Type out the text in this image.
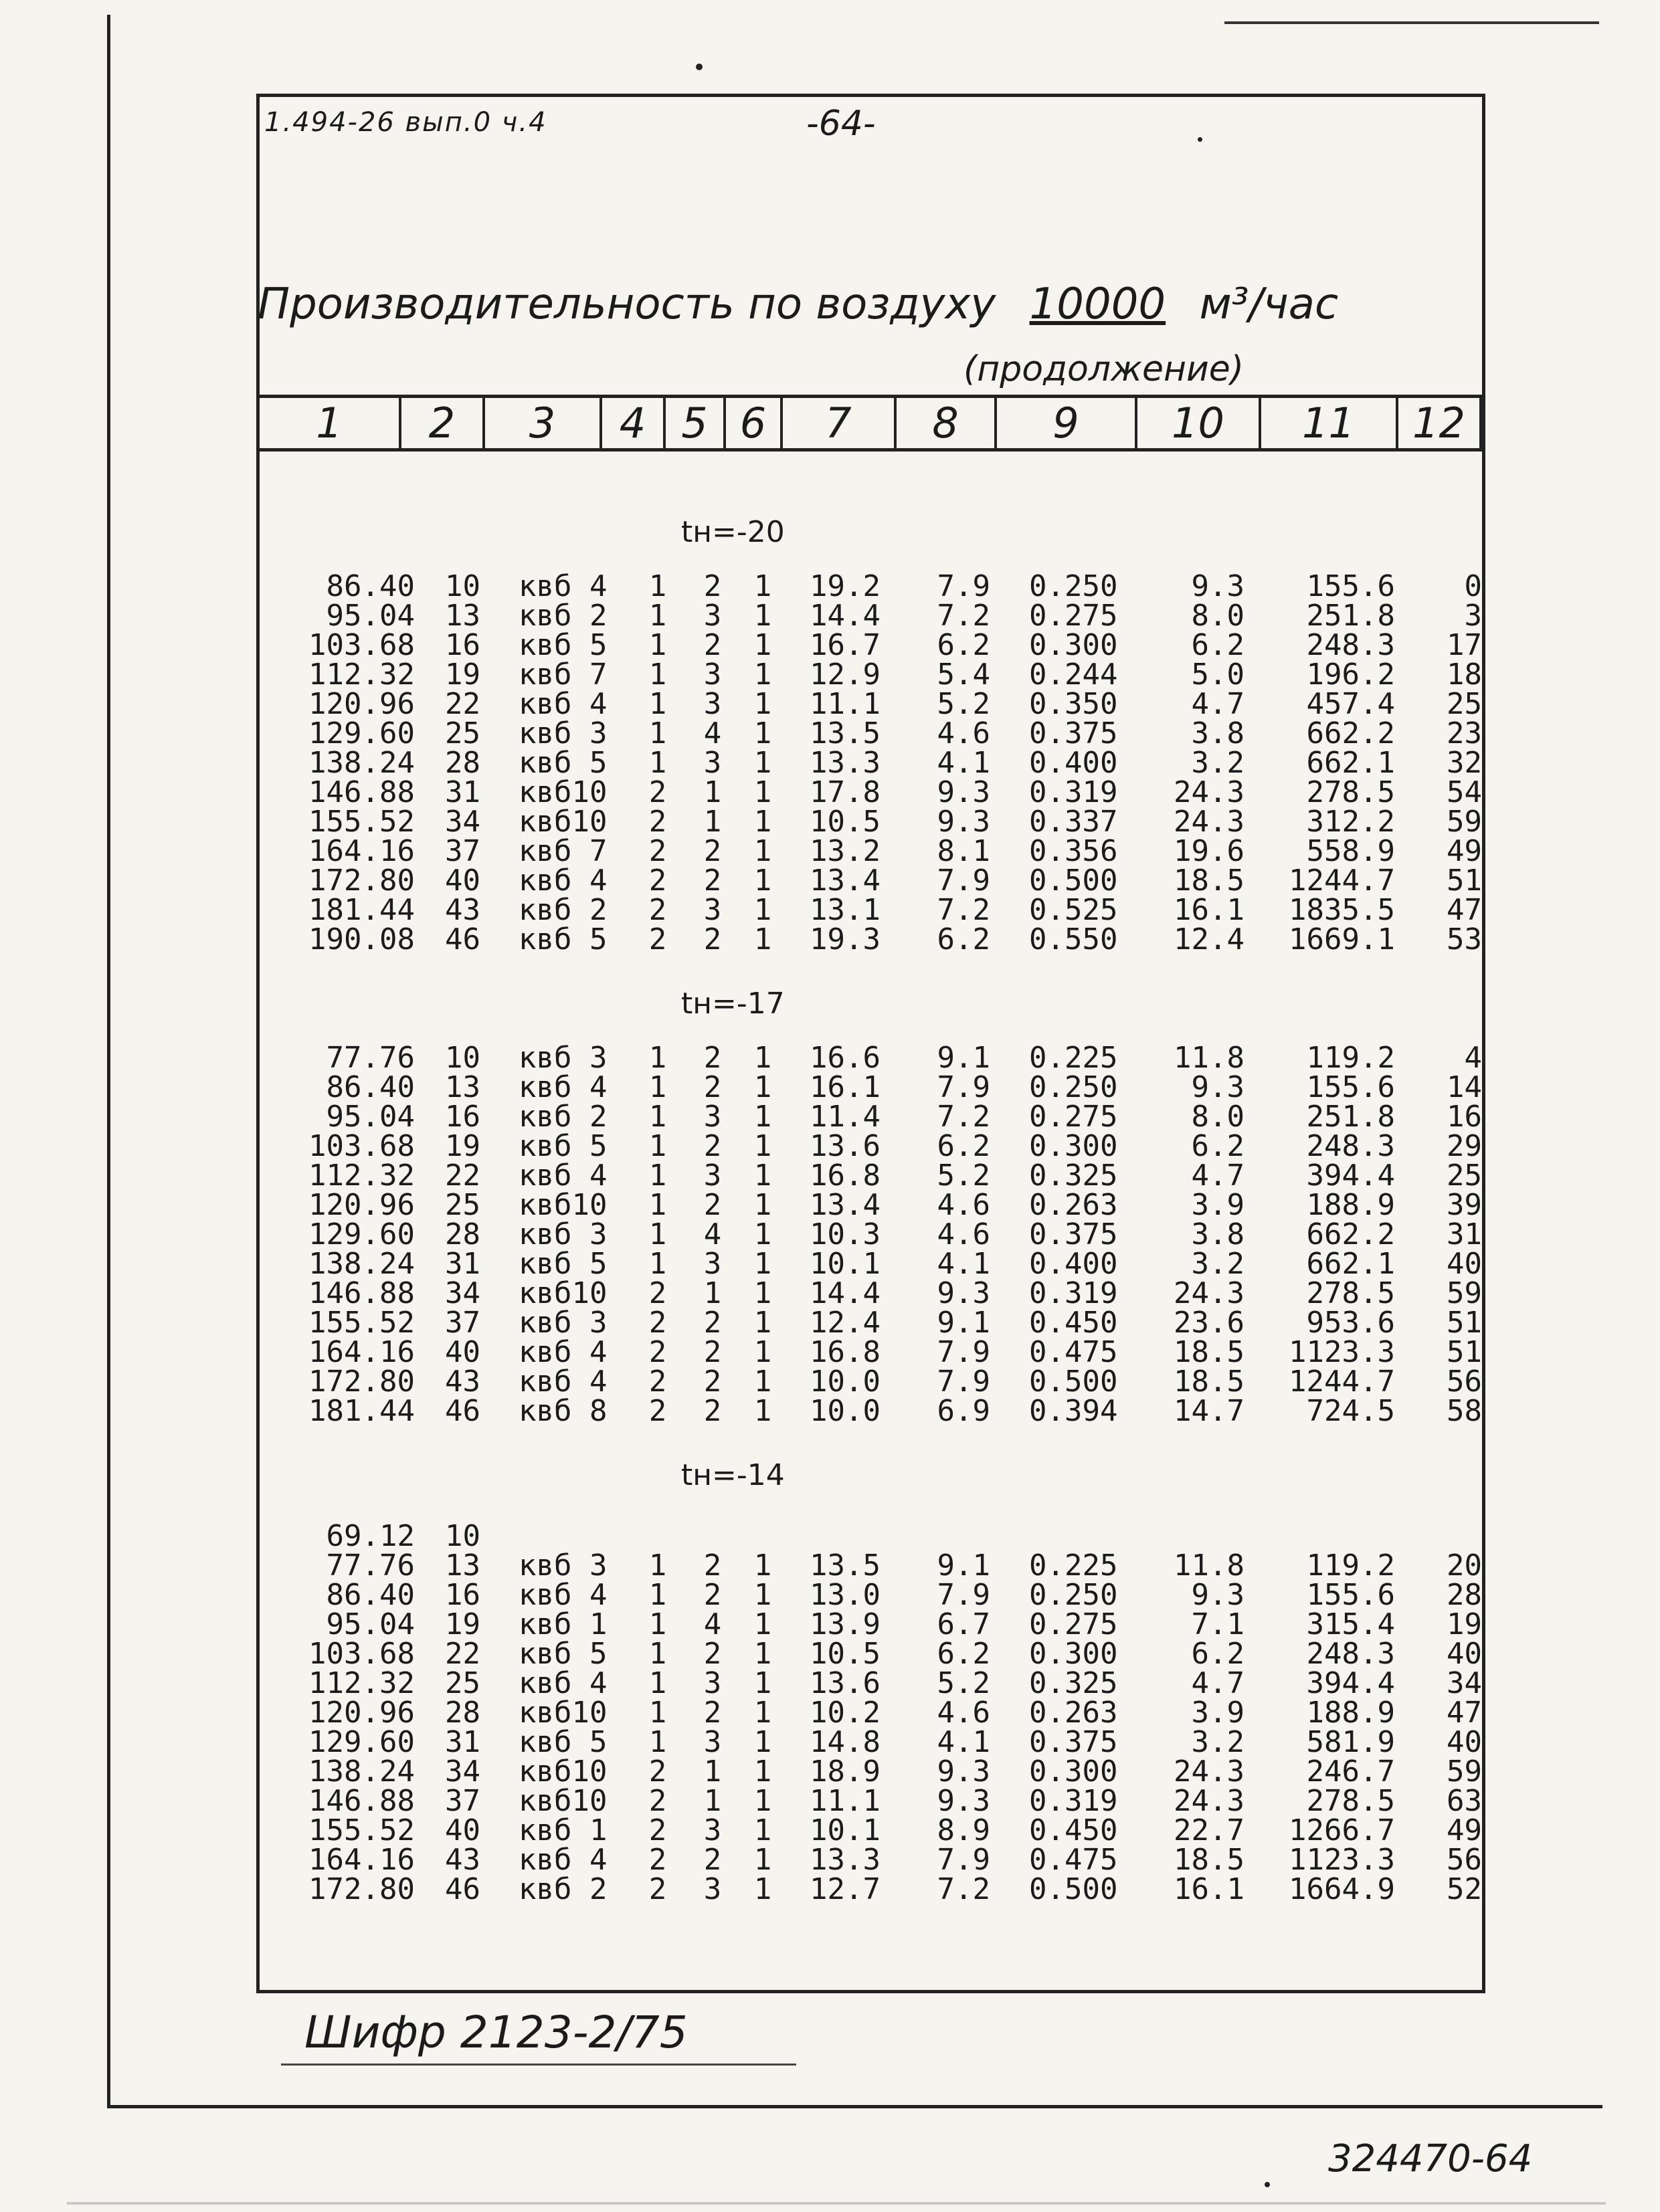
1.494-26 вып.0 ч.4	-64-
Производительность по воздуху 10000 м³/час
(продолжение)
1	2	3	4 5 6	7	8	9	10	11	12
tн=-20
86.40 10	квб 4 1 2 1 19.2	7.9 0.250	9.3	155.6	0
95.04 13	квб 2 1 3 1 14.4	7.2 0.275	8.0	251.8	3
103.68 16	квб 5 1 2 1 16.7	6.2 0.300	6.2	248.3 17
112.32 19	квб 7 1 3 1 12.9	5.4 0.244	5.0	196.2 18
120.96 22	квб 4 1 3 1 11.1	5.2 0.350	4.7	457.4 25
129.60 25	квб 3 1 4 1 13.5	4.6 0.375	3.8	662.2 23
138.24 28	квб 5 1 3 1 13.3	4.1 0.400	3.2	662.1 32
146.88 31	квб10 2 1 1 17.8	9.3 0.319	24.3	278.5 54
155.52 34	квб10 2 1 1 10.5	9.3 0.337	24.3	312.2 59
164.16 37	квб 7 2 2 1 13.2	8.1 0.356	19.6	558.9 49
172.80 40	квб 4 2 2 1 13.4	7.9 0.500	18.5	1244.7 51
181.44 43	квб 2 2 3 1 13.1	7.2 0.525	16.1	1835.5 47
190.08 46	квб 5 2 2 1 19.3	6.2 0.550	12.4	1669.1 53
tн=-17
77.76 10	квб 3 1 2 1 16.6	9.1 0.225	11.8	119.2	4
86.40 13	квб 4 1 2 1 16.1	7.9 0.250	9.3	155.6 14
95.04 16	квб 2 1 3 1 11.4	7.2 0.275	8.0	251.8 16
103.68 19	квб 5 1 2 1 13.6	6.2 0.300	6.2	248.3 29
112.32 22	квб 4 1 3 1 16.8	5.2 0.325	4.7	394.4 25
120.96 25	квб10 1 2 1 13.4	4.6 0.263	3.9	188.9 39
129.60 28	квб 3 1 4 1 10.3	4.6 0.375	3.8	662.2 31
138.24 31	квб 5 1 3 1 10.1	4.1 0.400	3.2	662.1 40
146.88 34	квб10 2 1 1 14.4	9.3 0.319	24.3	278.5 59
155.52 37	квб 3 2 2 1 12.4	9.1 0.450	23.6	953.6 51
164.16 40	квб 4 2 2 1 16.8	7.9 0.475	18.5	1123.3 51
172.80 43	квб 4 2 2 1 10.0	7.9 0.500	18.5	1244.7 56
181.44 46	квб 8 2 2 1 10.0	6.9 0.394	14.7	724.5 58
tн=-14
69.12 10
77.76 13	квб 3 1 2 1 13.5	9.1 0.225	11.8	119.2 20
86.40 16	квб 4 1 2 1 13.0	7.9 0.250	9.3	155.6 28
95.04 19	квб 1 1 4 1 13.9	6.7 0.275	7.1	315.4 19
103.68 22	квб 5 1 2 1 10.5	6.2 0.300	6.2	248.3 40
112.32 25	квб 4 1 3 1 13.6	5.2 0.325	4.7	394.4 34
120.96 28	квб10 1 2 1 10.2	4.6 0.263	3.9	188.9 47
129.60 31	квб 5 1 3 1 14.8	4.1 0.375	3.2	581.9 40
138.24 34	квб10 2 1 1 18.9	9.3 0.300	24.3	246.7 59
146.88 37	квб10 2 1 1 11.1	9.3 0.319	24.3	278.5 63
155.52 40	квб 1 2 3 1 10.1	8.9 0.450	22.7	1266.7 49
164.16 43	квб 4 2 2 1 13.3	7.9 0.475	18.5	1123.3 56
172.80 46	квб 2 2 3 1 12.7	7.2 0.500	16.1	1664.9 52
Шифр 2123-2/75
324470-64
